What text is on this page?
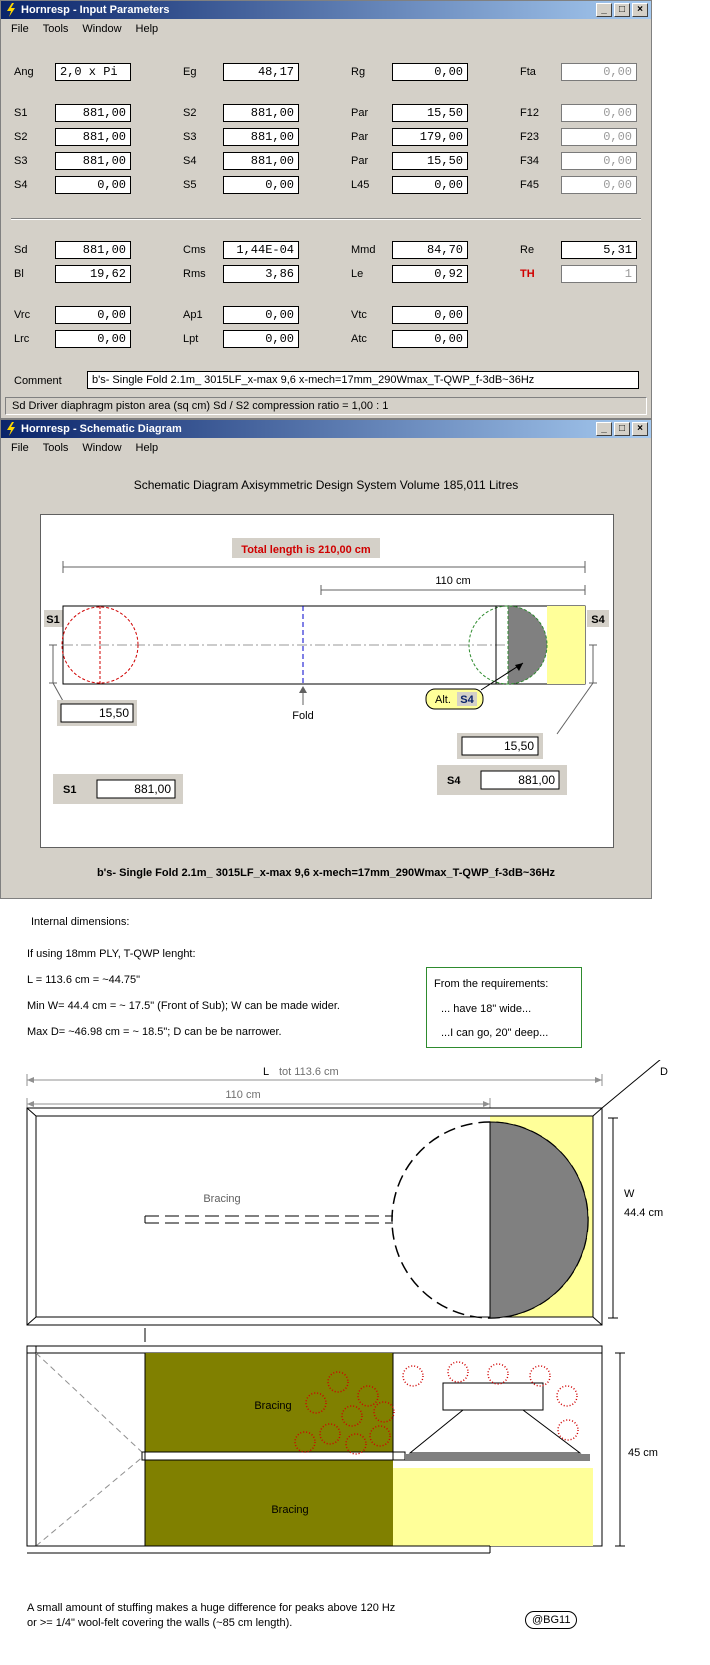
Hornresp - Input Parameters	_	□	×
File Tools Window Help
Ang	2,0 x Pi	Eg	48,17	Rg	0,00	Fta	0,00
S1	881,00	S2	881,00	Par	15,50	F12	0,00
S2	881,00	S3	881,00	Par	179,00	F23	0,00
S3	881,00	S4	881,00	Par	15,50	F34	0,00
S4	0,00	S5	0,00	L45	0,00	F45	0,00
Sd	881,00	Cms	1,44E-04	Mmd	84,70	Re	5,31
Bl	19,62	Rms	3,86	Le	0,92	TH	1
Vrc	0,00	Ap1	0,00	Vtc	0,00
Lrc	0,00	Lpt	0,00	Atc	0,00
Comment	b's- Single Fold 2.1m_ 3015LF_x-max 9,6 x-mech=17mm_290Wmax_T-QWP_f-3dB~36Hz
Sd Driver diaphragm piston area (sq cm) Sd / S2 compression ratio = 1,00 : 1
Hornresp - Schematic Diagram	_	□	×
File Tools Window Help
Schematic Diagram Axisymmetric Design System Volume 185,011 Litres
Total length is 210,00 cm
110 cm
S1	S4
Fold
15,50
15,50
Alt. S4
S1	881,00
S4	881,00
b's- Single Fold 2.1m_ 3015LF_x-max 9,6 x-mech=17mm_290Wmax_T-QWP_f-3dB~36Hz
Internal dimensions:
If using 18mm PLY, T-QWP lenght:
L = 113.6 cm = ~44.75"
Min W= 44.4 cm = ~ 17.5" (Front of Sub); W can be made wider.
Max D= ~46.98 cm = ~ 18.5"; D can be be narrower.
From the requirements:
... have 18" wide...
...I can go, 20" deep...
L tot 113.6 cm
110 cm
D
Bracing	W
44.4 cm
Bracing
Bracing
45 cm
A small amount of stuffing makes a huge difference for peaks above 120 Hz
or >= 1/4" wool-felt covering the walls (~85 cm length).	@BG11
